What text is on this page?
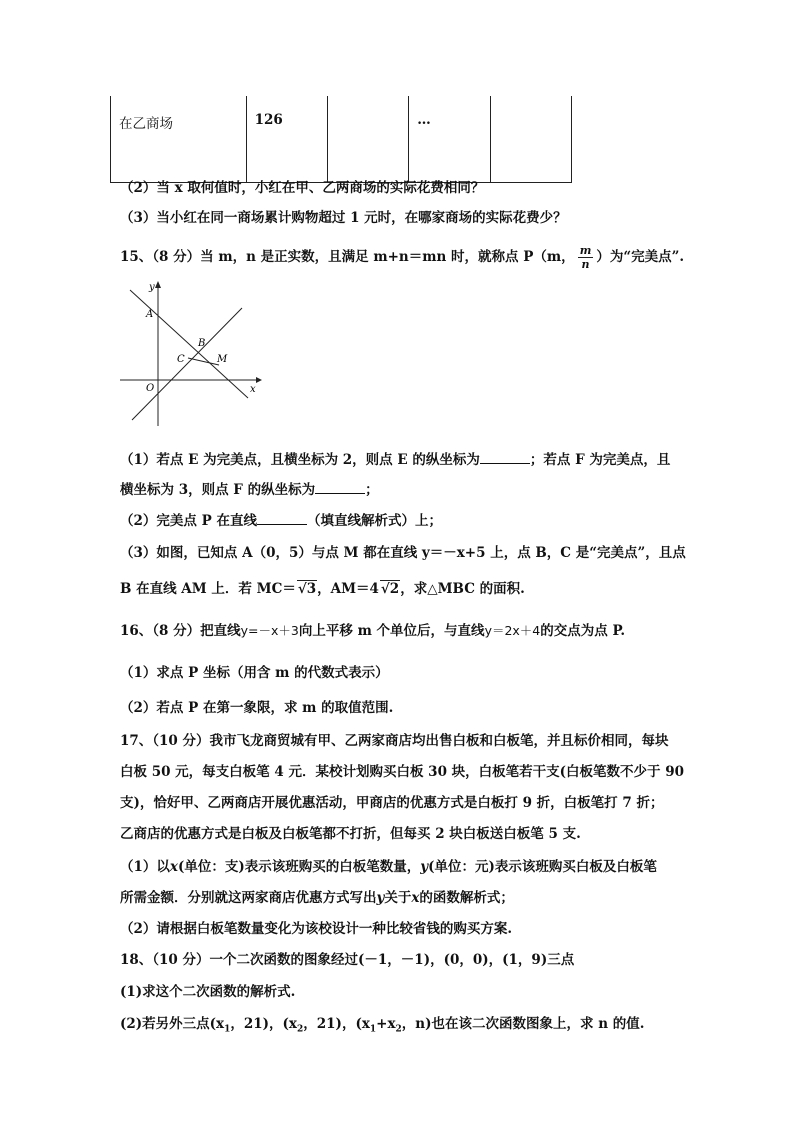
在乙商场	126		…	
（2）当 x 取何值时，小红在甲、乙两商场的实际花费相同？
（3）当小红在同一商场累计购物超过 1 元时，在哪家商场的实际花费少？
15、（8 分）当 m，n 是正实数，且满足 m+n＝mn 时，就称点 P（m， $\frac{m}{n}$ ）为“完美点”.
y
A
B
C	M
O	x
（1）若点 E 为完美点，且横坐标为 2，则点 E 的纵坐标为	；若点 F 为完美点，且
横坐标为 3，则点 F 的纵坐标为	；
（2）完美点 P 在直线	（填直线解析式）上；
（3）如图，已知点 A（0，5）与点 M 都在直线 y＝－x+5 上，点 B，C 是“完美点”，且点
B 在直线 AM 上．若 MC＝ √3，AM＝4 √2，求△MBC 的面积.
16、（8 分）把直线y=－x＋3向上平移 m 个单位后，与直线y＝2x＋4的交点为点 P.
（1）求点 P 坐标（用含 m 的代数式表示）
（2）若点 P 在第一象限，求 m 的取值范围.
17、（10 分）我市飞龙商贸城有甲、乙两家商店均出售白板和白板笔，并且标价相同，每块
白板 50 元，每支白板笔 4 元．某校计划购买白板 30 块，白板笔若干支(白板笔数不少于 90
支)，恰好甲、乙两商店开展优惠活动，甲商店的优惠方式是白板打 9 折，白板笔打 7 折；
乙商店的优惠方式是白板及白板笔都不打折，但每买 2 块白板送白板笔 5 支.
（1）以x(单位：支)表示该班购买的白板笔数量，y(单位：元)表示该班购买白板及白板笔
所需金额．分别就这两家商店优惠方式写出y关于x的函数解析式；
（2）请根据白板笔数量变化为该校设计一种比较省钱的购买方案.
18、（10 分）一个二次函数的图象经过(－1，－1)，(0，0)，(1，9)三点
(1)求这个二次函数的解析式.
(2)若另外三点($x_1$，21)，($x_2$，21)，($x_1+x_2$，n)也在该二次函数图象上，求 n 的值.
